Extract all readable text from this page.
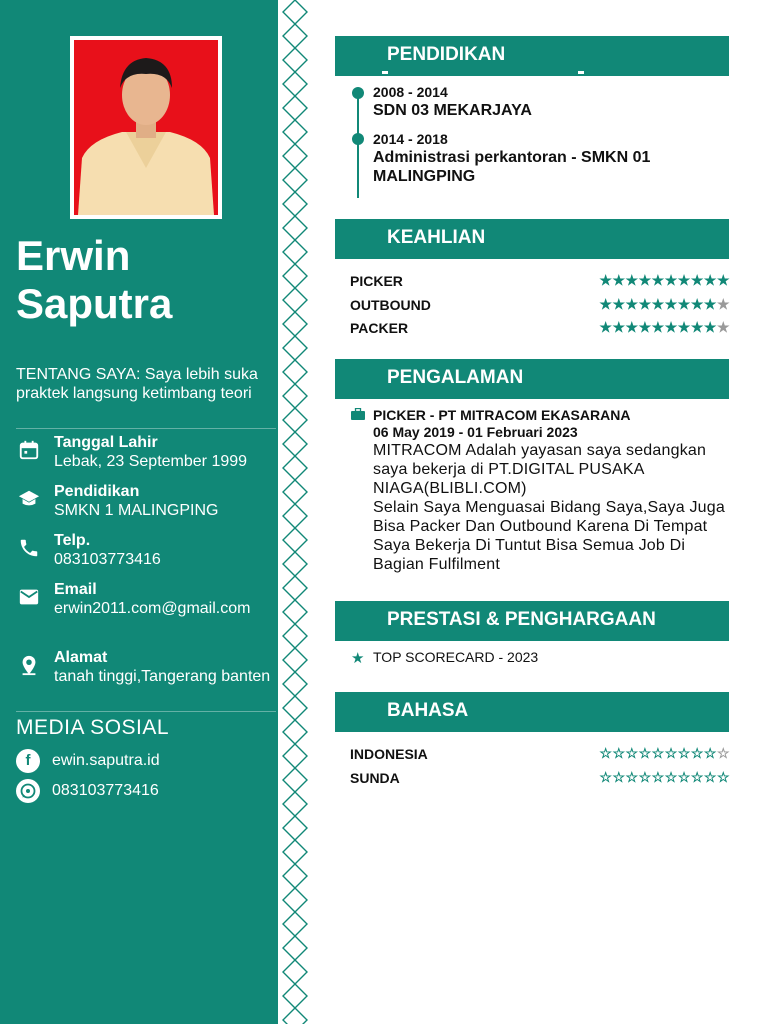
Erwin
Saputra
TENTANG SAYA: Saya lebih suka praktek langsung ketimbang teori
Tanggal Lahir
Lebak, 23 September 1999
Pendidikan
SMKN 1 MALINGPING
Telp.
083103773416
Email
erwin2011.com@gmail.com
Alamat
tanah tinggi,Tangerang banten
MEDIA SOSIAL
f	ewin.saputra.id
083103773416
PENDIDIKAN
2008 - 2014
SDN 03 MEKARJAYA
2014 - 2018
Administrasi perkantoran - SMKN 01 MALINGPING
KEAHLIAN
PICKER	★★★★★★★★★★
OUTBOUND	★★★★★★★★★★
PACKER	★★★★★★★★★★
PENGALAMAN
PICKER - PT MITRACOM EKASARANA
06 May 2019 - 01 Februari 2023
MITRACOM Adalah yayasan saya sedangkan saya bekerja di PT.DIGITAL PUSAKA NIAGA(BLIBLI.COM)
Selain Saya Menguasai Bidang Saya,Saya Juga Bisa Packer Dan Outbound Karena Di Tempat Saya Bekerja Di Tuntut Bisa Semua Job Di Bagian Fulfilment
PRESTASI & PENGHARGAAN
★ TOP SCORECARD - 2023
BAHASA
INDONESIA	☆☆☆☆☆☆☆☆☆☆
SUNDA	☆☆☆☆☆☆☆☆☆☆
